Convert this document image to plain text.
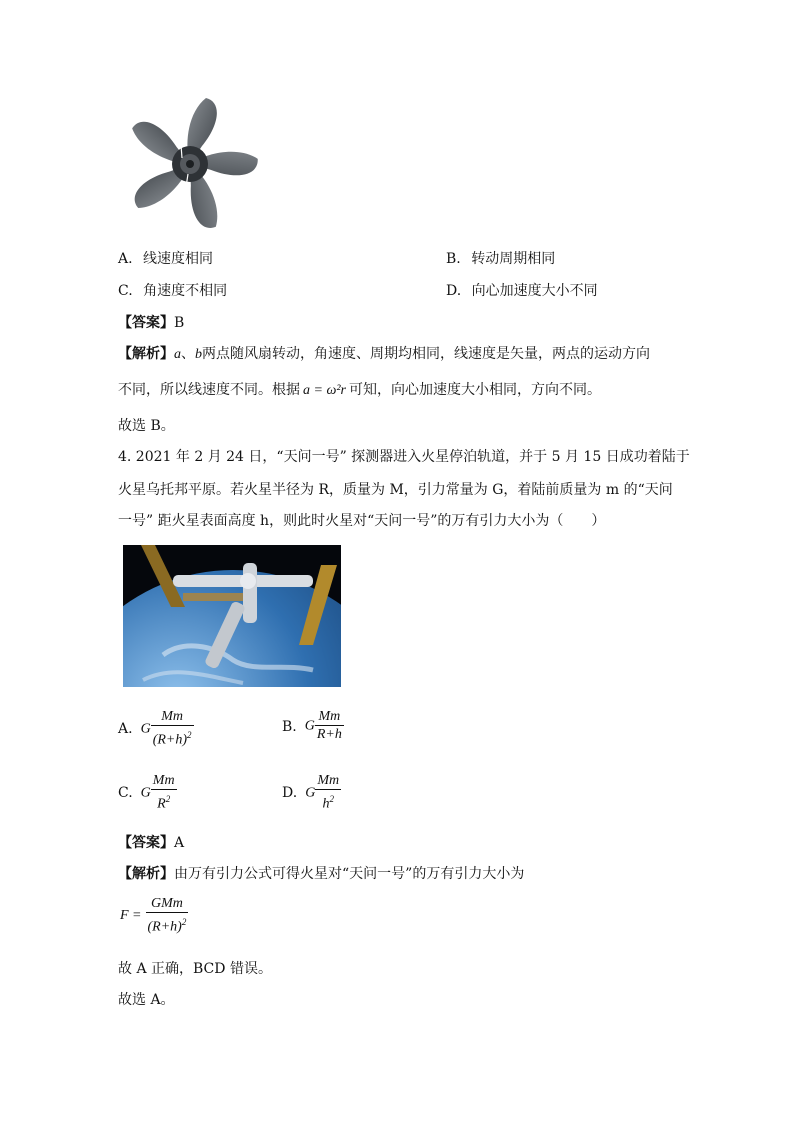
a
b
A. 线速度相同	B. 转动周期相同
C. 角速度不相同	D. 向心加速度大小不同
【答案】B
【解析】a、b两点随风扇转动，角速度、周期均相同，线速度是矢量，两点的运动方向
不同，所以线速度不同。根据 a = ω²r 可知，向心加速度大小相同，方向不同。
故选 B。
4. 2021 年 2 月 24 日，“天问一号” 探测器进入火星停泊轨道，并于 5 月 15 日成功着陆于
火星乌托邦平原。若火星半径为 R，质量为 M，引力常量为 G，着陆前质量为 m 的“天问
一号” 距火星表面高度 h，则此时火星对“天问一号”的万有引力大小为（　　）
A. G $\frac{Mm}{(R+h)^2}$	B. G $\frac{Mm}{R+h}$
C. G $\frac{Mm}{R^2}$	D. G $\frac{Mm}{h^2}$
【答案】A
【解析】由万有引力公式可得火星对“天问一号”的万有引力大小为
$F = \frac{\text{GMm}}{(R+h)^2}$
故 A 正确，BCD 错误。
故选 A。
